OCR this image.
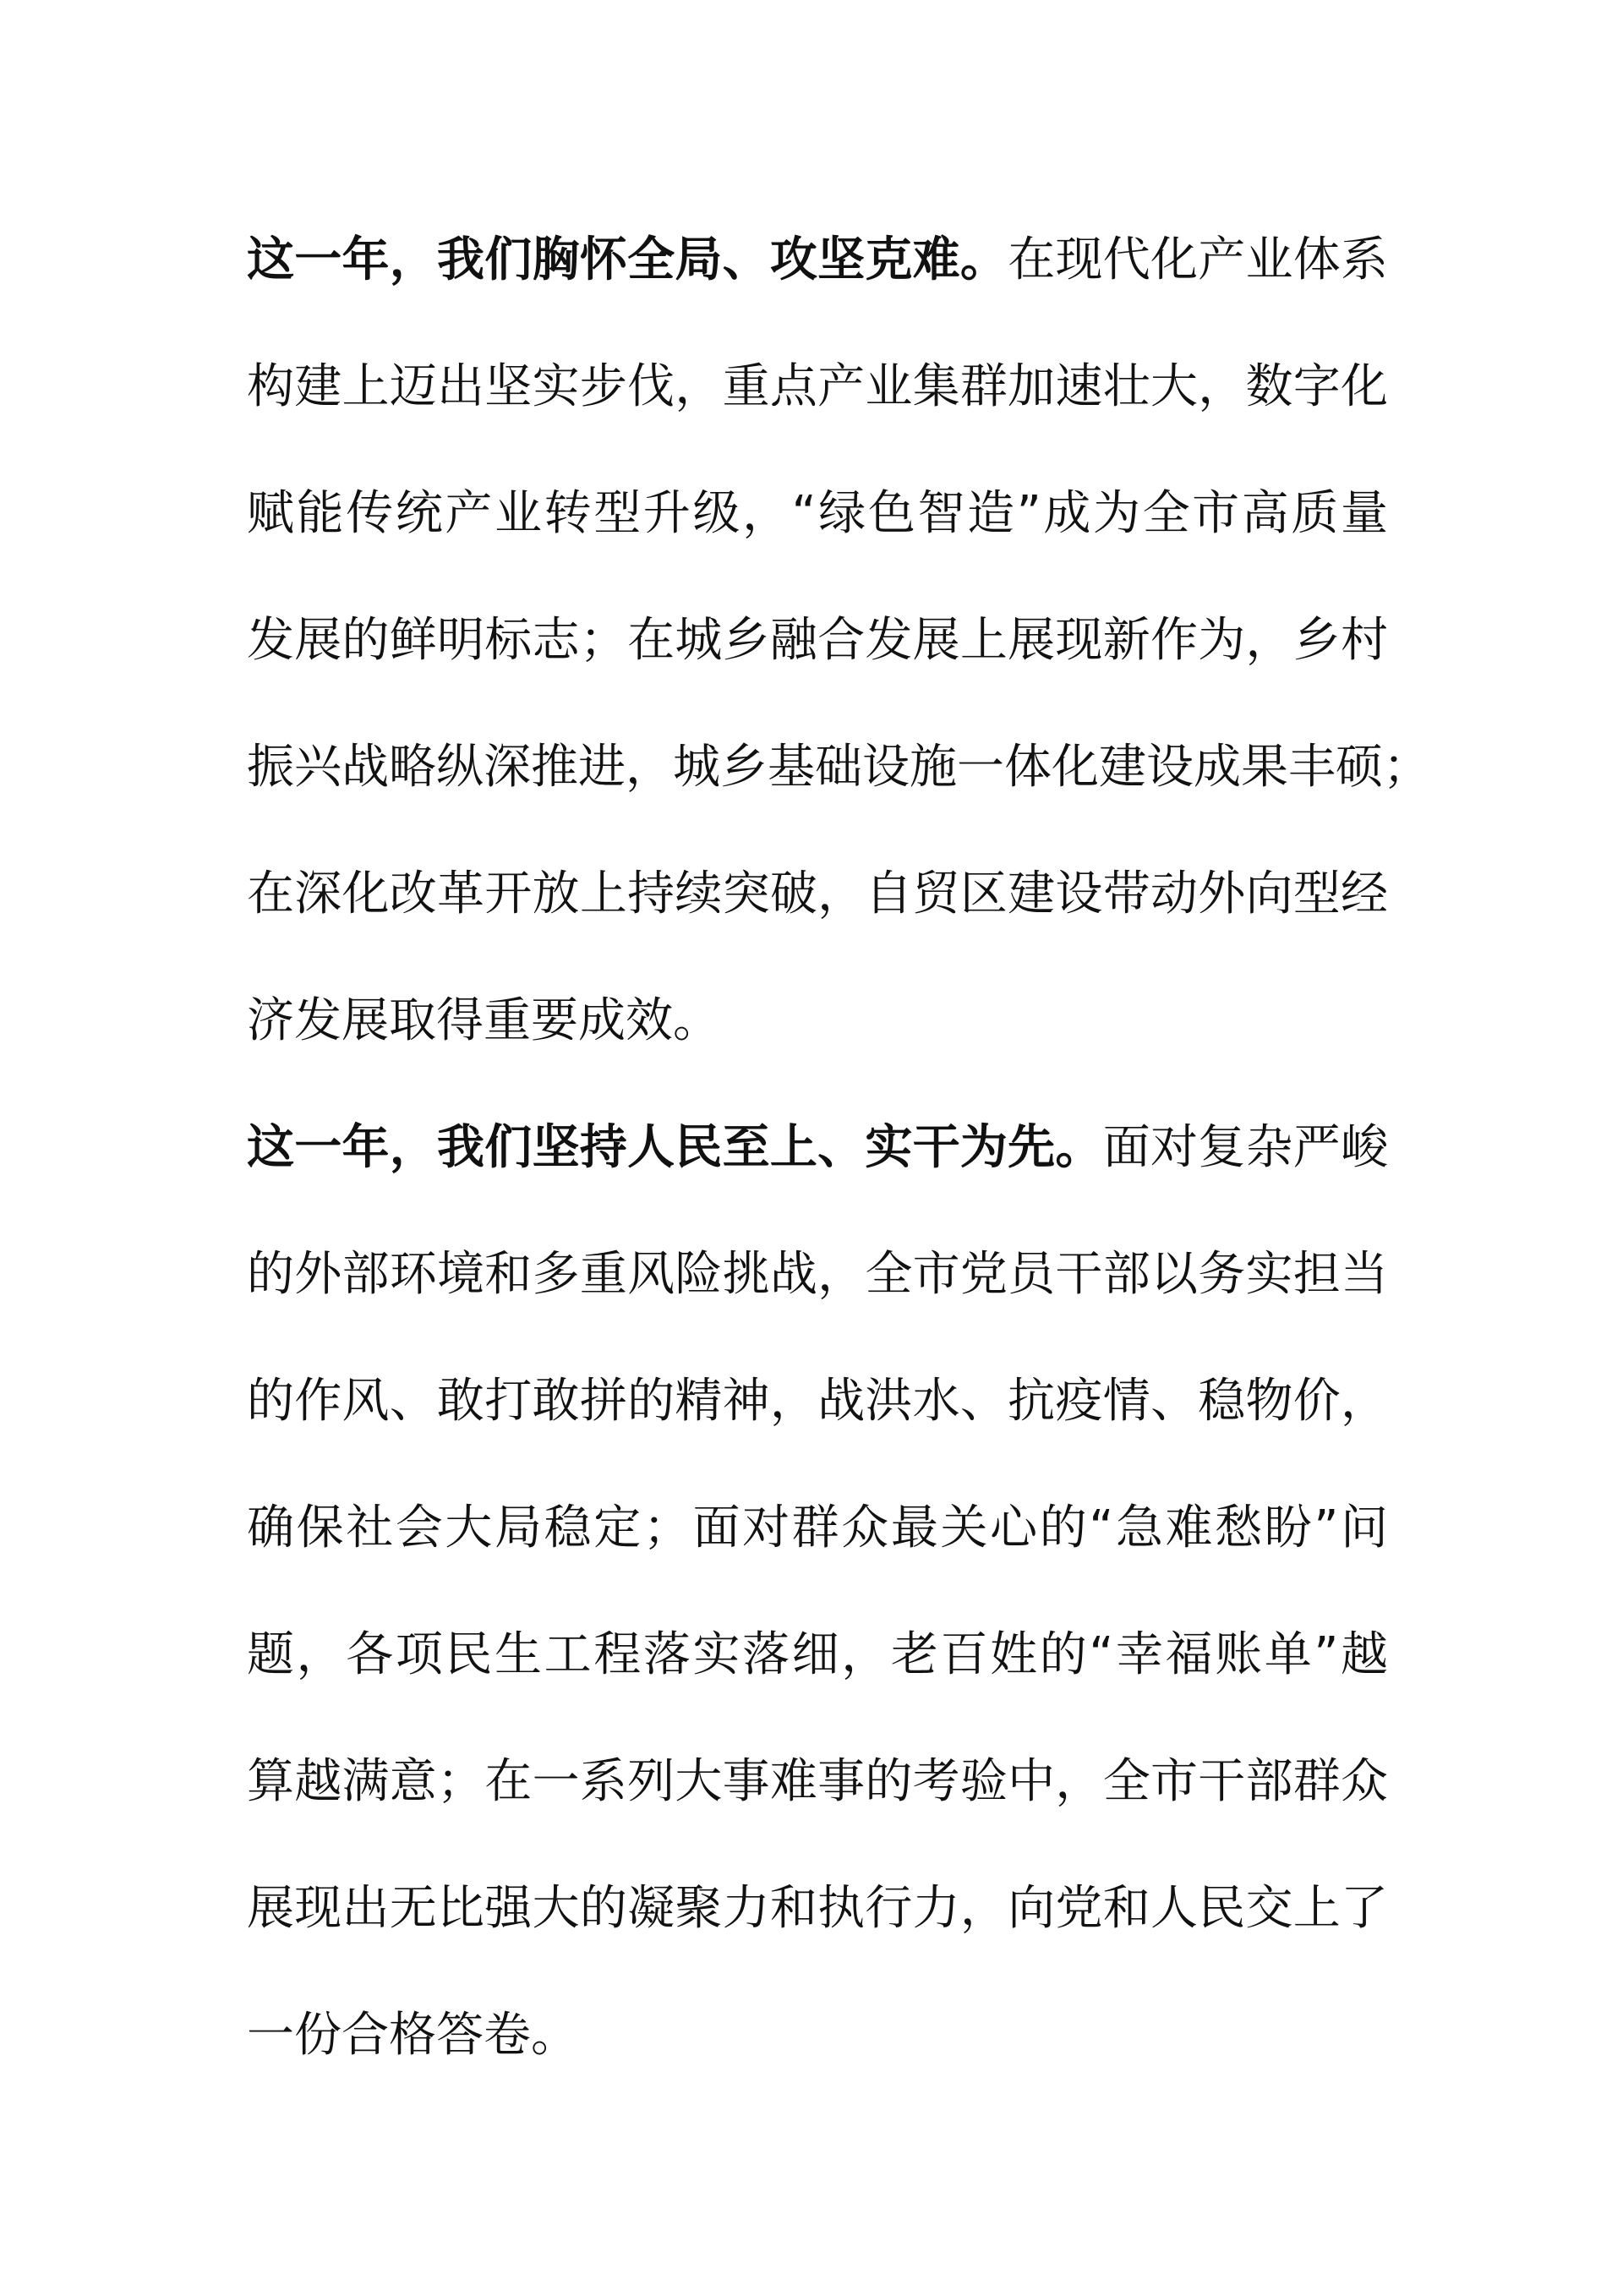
这一年，我们胸怀全局、攻坚克难。在现代化产业体系
构建上迈出坚实步伐，重点产业集群加速壮大，数字化
赋能传统产业转型升级，“绿色智造”成为全市高质量
发展的鲜明标志；在城乡融合发展上展现新作为，乡村
振兴战略纵深推进，城乡基础设施一体化建设成果丰硕；
在深化改革开放上持续突破，自贸区建设带动外向型经
济发展取得重要成效。
这一年，我们坚持人民至上、实干为先。面对复杂严峻
的外部环境和多重风险挑战，全市党员干部以务实担当
的作风、敢打敢拼的精神，战洪水、抗疫情、稳物价，
确保社会大局稳定；面对群众最关心的“急难愁盼”问
题，各项民生工程落实落细，老百姓的“幸福账单”越
算越满意；在一系列大事难事的考验中，全市干部群众
展现出无比强大的凝聚力和执行力，向党和人民交上了
一份合格答卷。
